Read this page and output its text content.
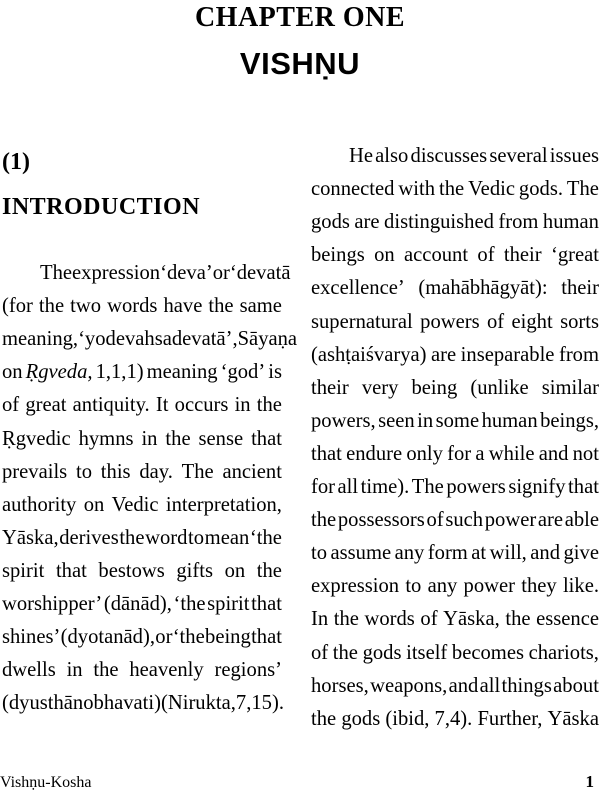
CHAPTER ONE
VISHṆU
(1)
INTRODUCTION
The expression ‘deva’ or ‘devatā
(for the two words have the same
meaning, ‘yo devah sa devatā’, Sāyaṇa
on Ṛgveda, 1,1,1) meaning ‘god’ is
of great antiquity. It occurs in the
Ṛgvedic hymns in the sense that
prevails to this day. The ancient
authority on Vedic interpretation,
Yāska, derives the word to mean ‘the
spirit that bestows gifts on the
worshipper’ (dānād), ‘the spirit that
shines’ (dyotanād), or ‘the being that
dwells in the heavenly regions’
(dyusthāno bhavati) (Nirukta, 7, 15).
He also discusses several issues
connected with the Vedic gods. The
gods are distinguished from human
beings on account of their ‘great
excellence’ (mahābhāgyāt): their
supernatural powers of eight sorts
(ashṭaiśvarya) are inseparable from
their very being (unlike similar
powers, seen in some human beings,
that endure only for a while and not
for all time). The powers signify that
the possessors of such power are able
to assume any form at will, and give
expression to any power they like.
In the words of Yāska, the essence
of the gods itself becomes chariots,
horses, weapons, and all things about
the gods (ibid, 7,4). Further, Yāska
Vishṇu-Kosha	1
